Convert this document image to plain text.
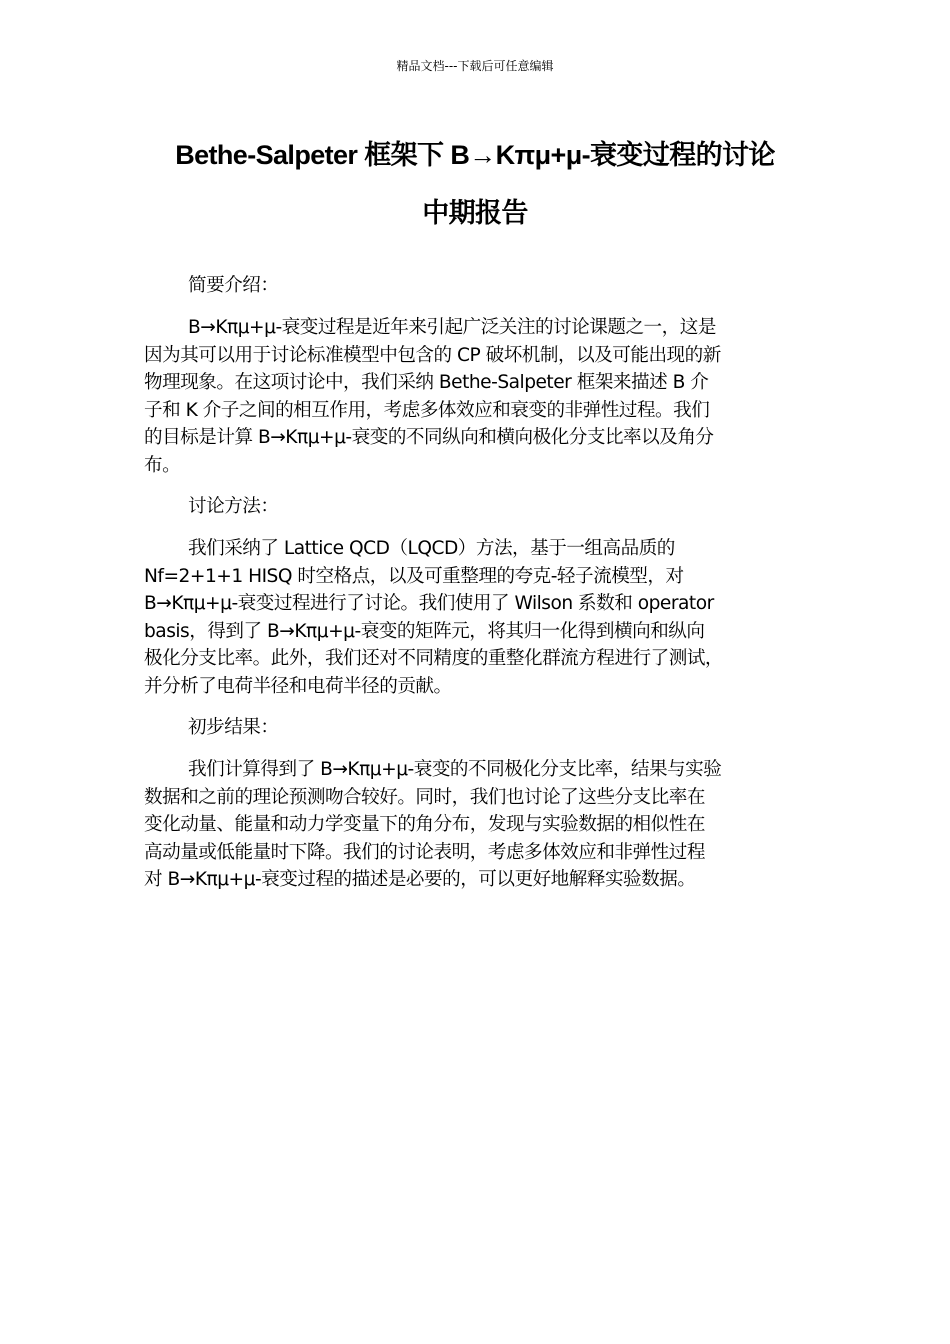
精品文档---下载后可任意编辑
Bethe-Salpeter 框架下 B→Kπμ+μ-衰变过程的讨论
中期报告
简要介绍：
B→Kπμ+μ-衰变过程是近年来引起广泛关注的讨论课题之一，这是
因为其可以用于讨论标准模型中包含的 CP 破坏机制，以及可能出现的新
物理现象。在这项讨论中，我们采纳 Bethe-Salpeter 框架来描述 B 介
子和 K 介子之间的相互作用，考虑多体效应和衰变的非弹性过程。我们
的目标是计算 B→Kπμ+μ-衰变的不同纵向和横向极化分支比率以及角分
布。
讨论方法：
我们采纳了 Lattice QCD（LQCD）方法，基于一组高品质的
Nf=2+1+1 HISQ 时空格点，以及可重整理的夸克-轻子流模型，对
B→Kπμ+μ-衰变过程进行了讨论。我们使用了 Wilson 系数和 operator
basis，得到了 B→Kπμ+μ-衰变的矩阵元，将其归一化得到横向和纵向
极化分支比率。此外，我们还对不同精度的重整化群流方程进行了测试，
并分析了电荷半径和电荷半径的贡献。
初步结果：
我们计算得到了 B→Kπμ+μ-衰变的不同极化分支比率，结果与实验
数据和之前的理论预测吻合较好。同时，我们也讨论了这些分支比率在
变化动量、能量和动力学变量下的角分布，发现与实验数据的相似性在
高动量或低能量时下降。我们的讨论表明，考虑多体效应和非弹性过程
对 B→Kπμ+μ-衰变过程的描述是必要的，可以更好地解释实验数据。
